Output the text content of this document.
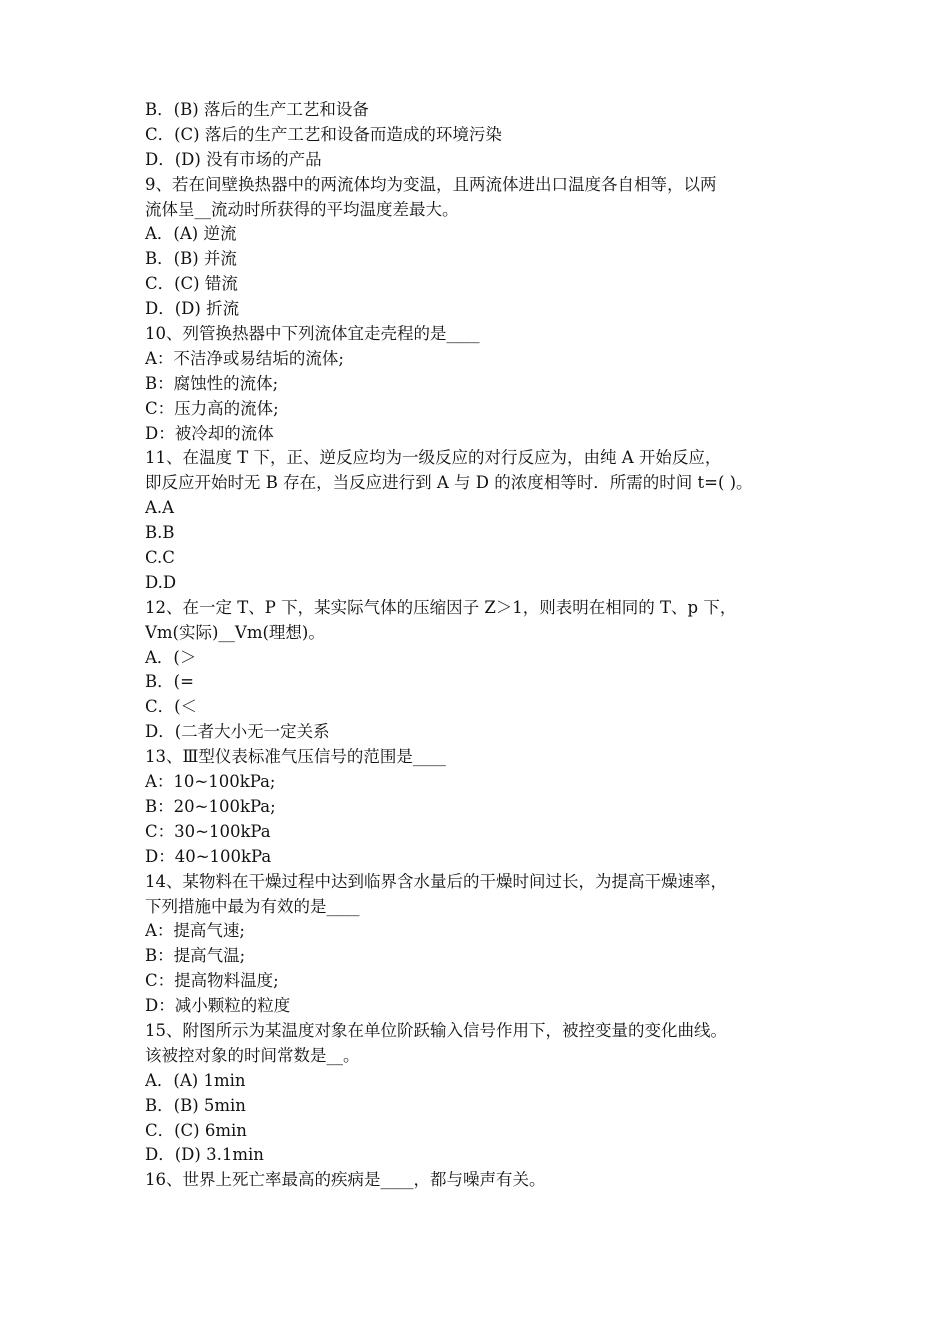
B．(B) 落后的生产工艺和设备
C．(C) 落后的生产工艺和设备而造成的环境污染
D．(D) 没有市场的产品
9、若在间壁换热器中的两流体均为变温，且两流体进出口温度各自相等，以两
流体呈__流动时所获得的平均温度差最大。
A．(A) 逆流
B．(B) 并流
C．(C) 错流
D．(D) 折流
10、列管换热器中下列流体宜走壳程的是____
A：不洁净或易结垢的流体;
B：腐蚀性的流体;
C：压力高的流体;
D：被冷却的流体
11、在温度 T 下，正、逆反应均为一级反应的对行反应为，由纯 A 开始反应，
即反应开始时无 B 存在，当反应进行到 A 与 D 的浓度相等时．所需的时间 t=( )。
A.A
B.B
C.C
D.D
12、在一定 T、P 下，某实际气体的压缩因子 Z＞1，则表明在相同的 T、p 下，
Vm(实际)__Vm(理想)。
A．(＞
B．(=
C．(＜
D．(二者大小无一定关系
13、Ⅲ型仪表标准气压信号的范围是____
A：10~100kPa;
B：20~100kPa;
C：30~100kPa
D：40~100kPa
14、某物料在干燥过程中达到临界含水量后的干燥时间过长，为提高干燥速率，
下列措施中最为有效的是____
A：提高气速;
B：提高气温;
C：提高物料温度;
D：减小颗粒的粒度
15、附图所示为某温度对象在单位阶跃输入信号作用下，被控变量的变化曲线。
该被控对象的时间常数是__。
A．(A) 1min
B．(B) 5min
C．(C) 6min
D．(D) 3.1min
16、世界上死亡率最高的疾病是____，都与噪声有关。
